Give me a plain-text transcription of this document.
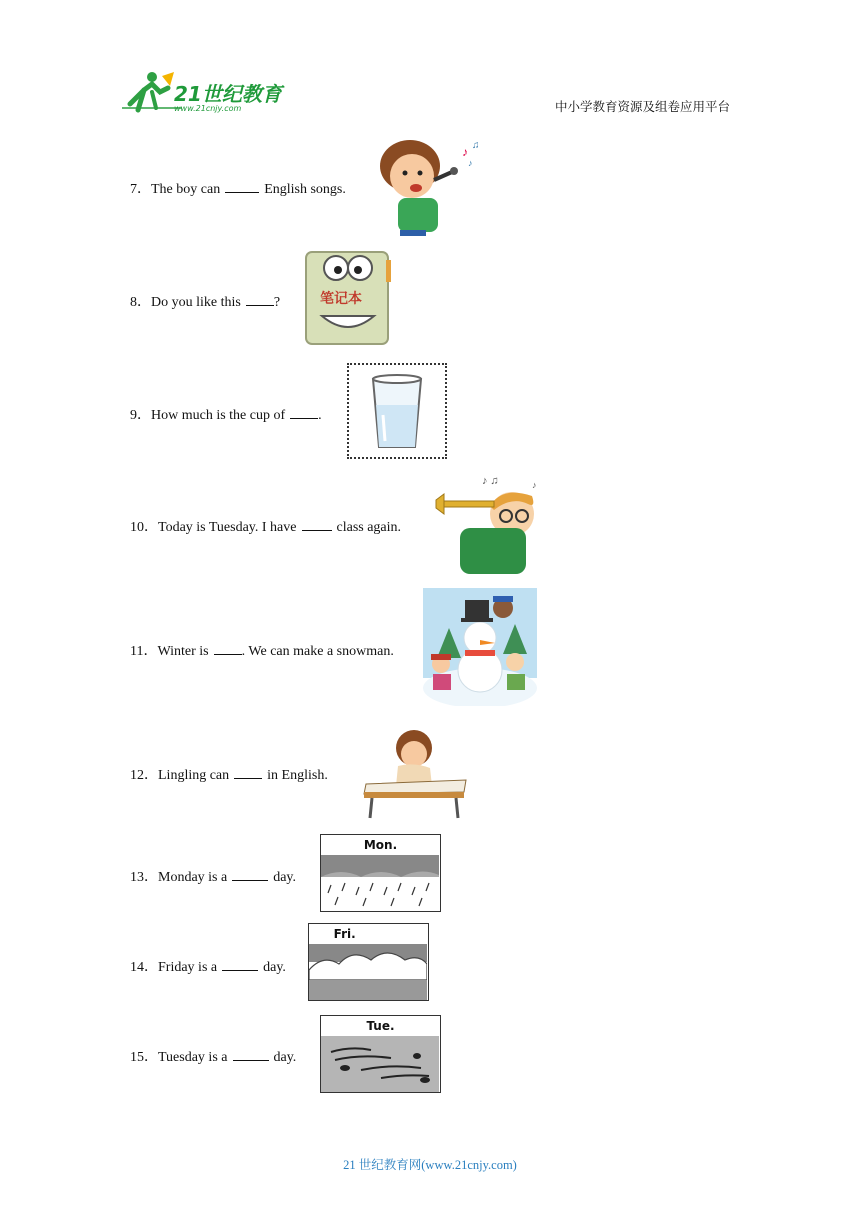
21世纪教育
www.21cnjy.com	中小学教育资源及组卷应用平台
7．The boy can	English songs.
♪ ♫
♪
8．Do you like this ?	笔记本
9．How much is the cup of .
10．Today is Tuesday. I have	class again.
♪ ♫	♪
11．Winter is . We can make a snowman.
12．Lingling can	in English.
13．Monday is a	day.
Mon.
14．Friday is a	day.
Fri.
15．Tuesday is a	day.
Tue.
21 世纪教育网(www.21cnjy.com)
